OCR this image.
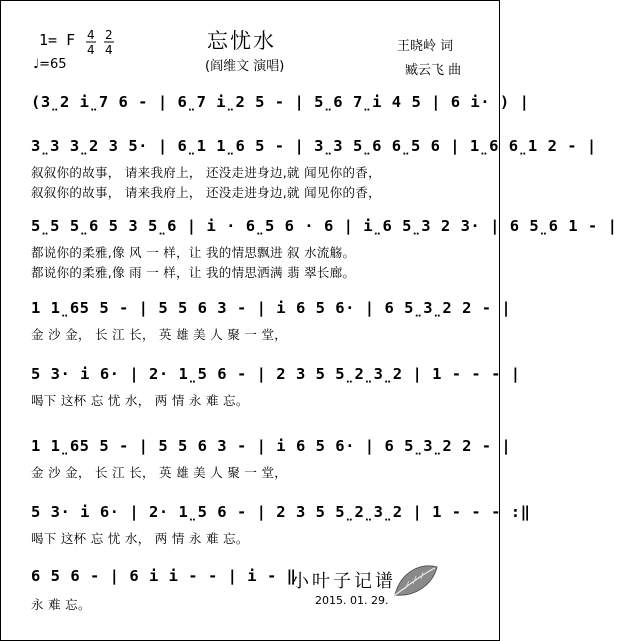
1= F 4
4
2
4
♩=65
忘忧水
(阎维文 演唱)
王晓岭 词
臧云飞 曲
(3̤2 i̤7 6 - | 6̤7 i̤2 5 - | 5̤6 7̤i 4 5 | 6 i· ) |
3̤3 3̤2 3 5· | 6̤1 1̤6 5 - | 3̤3 5̤6 6̤5 6 | 1̤6 6̤1 2 - |
叙叙你的故事， 请来我府上， 还没走进身边,就 闻见你的香，
叙叙你的故事， 请来我府上， 还没走进身边,就 闻见你的香，
5̤5 5̤6 5 3 5̤6 | i · 6̤5 6 · 6 | i̤6 5̤3 2 3· | 6 5̤6 1 - |
都说你的柔雅,像 风 一 样，让 我的情思飘进 叙 水流觞。
都说你的柔雅,像 雨 一 样，让 我的情思洒满 翡 翠长廊。
1 1̤65 5 - | 5 5 6 3 - | i 6 5 6· | 6 5̤3̤2 2 - |
金 沙 金， 长 江 长， 英 雄 美 人 聚 一 堂，
5 3· i 6· | 2· 1̤5 6 - | 2 3 5 5̤2̤3̤2 | 1 - - - |
喝下 这杯 忘 忧 水， 两 情 永 难 忘。
1 1̤65 5 - | 5 5 6 3 - | i 6 5 6· | 6 5̤3̤2 2 - |
金 沙 金， 长 江 长， 英 雄 美 人 聚 一 堂，
5 3· i 6· | 2· 1̤5 6 - | 2 3 5 5̤2̤3̤2 | 1 - - - :‖
喝下 这杯 忘 忧 水， 两 情 永 难 忘。
6 5 6 - | 6 i i - - | i - ‖
永 难 忘。
小叶子记谱
2015. 01. 29.
